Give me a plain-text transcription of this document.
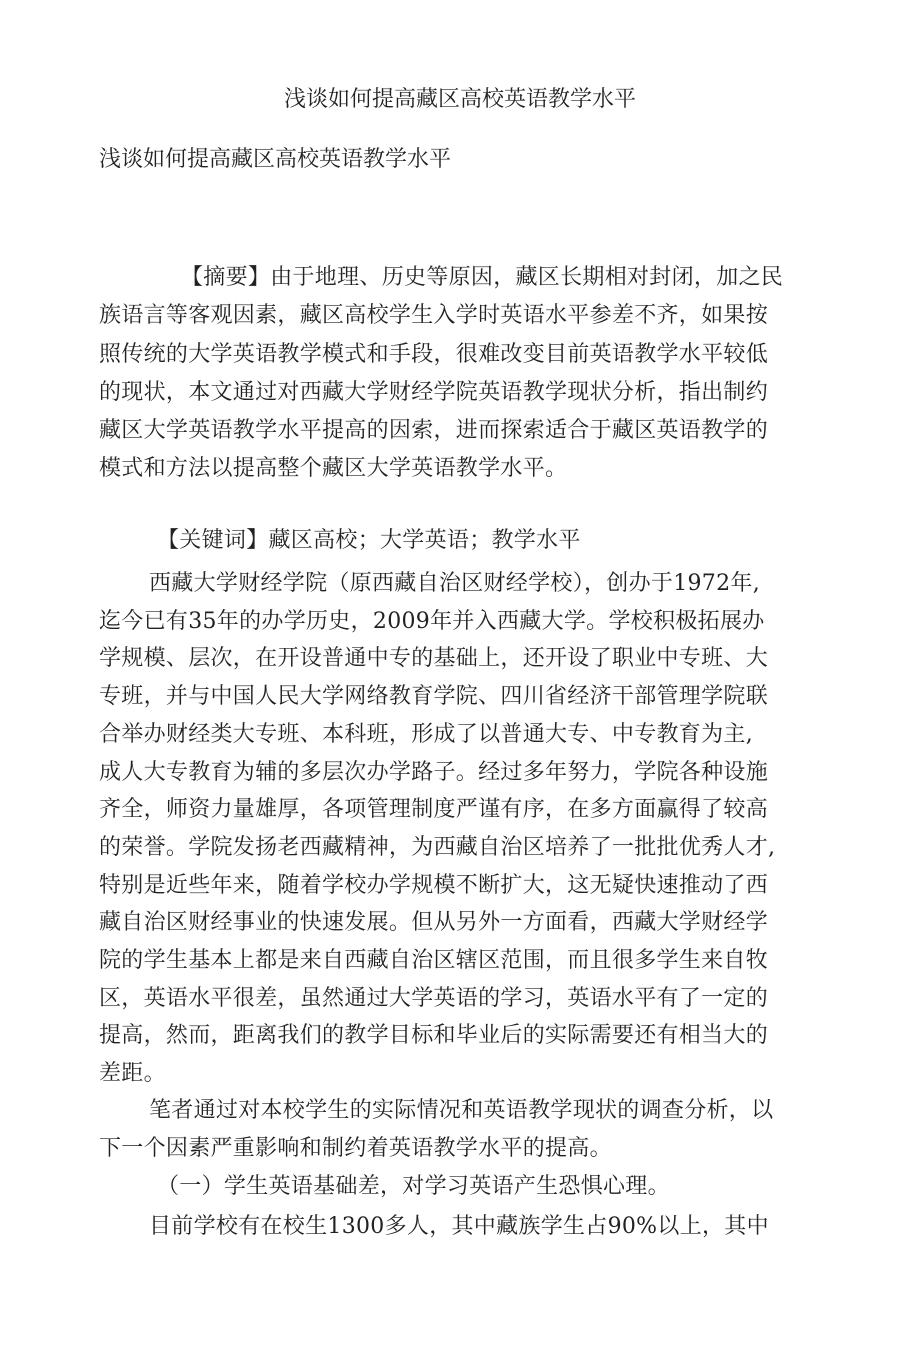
浅谈如何提高藏区高校英语教学水平
浅谈如何提高藏区高校英语教学水平

【摘要】由于地理、历史等原因，藏区长期相对封闭，加之民
族语言等客观因素，藏区高校学生入学时英语水平参差不齐，如果按
照传统的大学英语教学模式和手段，很难改变目前英语教学水平较低
的现状，本文通过对西藏大学财经学院英语教学现状分析，指出制约
藏区大学英语教学水平提高的因索，进而探索适合于藏区英语教学的
模式和方法以提高整个藏区大学英语教学水平。

【关键词】藏区高校；大学英语；教学水平

西藏大学财经学院（原西藏自治区财经学校），创办于1972年,
迄今已有35年的办学历史，2009年并入西藏大学。学校积极拓展办
学规模、层次，在开设普通中专的基础上，还开设了职业中专班、大
专班，并与中国人民大学网络教育学院、四川省经济干部管理学院联
合举办财经类大专班、本科班，形成了以普通大专、中专教育为主,
成人大专教育为辅的多层次办学路子。经过多年努力，学院各种设施
齐全，师资力量雄厚，各项管理制度严谨有序，在多方面赢得了较高
的荣誉。学院发扬老西藏精神，为西藏自治区培养了一批批优秀人才,
特别是近些年来，随着学校办学规模不断扩大，这无疑快速推动了西
藏自治区财经事业的快速发展。但从另外一方面看，西藏大学财经学
院的学生基本上都是来自西藏自治区辖区范围，而且很多学生来自牧
区，英语水平很差，虽然通过大学英语的学习，英语水平有了一定的
提高，然而，距离我们的教学目标和毕业后的实际需要还有相当大的
差距。

笔者通过对本校学生的实际情况和英语教学现状的调查分析，以
下一个因素严重影响和制约着英语教学水平的提高。

（一）学生英语基础差，对学习英语产生恐惧心理。

目前学校有在校生1300多人，其中藏族学生占90%以上，其中
